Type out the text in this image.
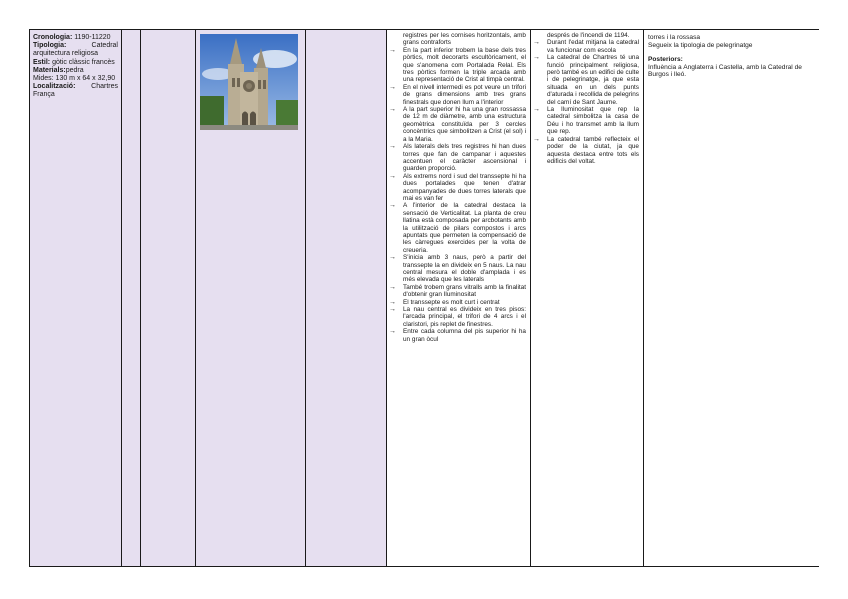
Cronologia: 1190-11220

Tipologia:	Catedral arquitectura religiosa

Estil: gòtic clàssic francès

Materials:pedra

Mides: 130 m x 64 x 32,90

Localització: Chartres França

registres per les cornises horitzontals, amb grans contraforts
→ En la part inferior trobem la base dels tres pòrtics, molt decorarts escultòricament, el que s'anomena com Portalada Relal. Els tres pòrtics formen la triple arcada amb una representació de Crist al timpà central.
→ En el nivell intermedi es pot veure un trifori de grans dimensions amb tres grans finestrals que donen llum a l'interior
→ A la part superior hi ha una gran rossassa de 12 m de diàmetre, amb una estructura geomètrica constituïda per 3 cercles concèntrics que simbolitzen a Crist (el sol) i a la Maria.
→ Als laterals dels tres registres hi han dues torres que fan de campanar i aquestes accentuen el caràcter ascensional i guarden proporció.
→ Als extrems nord i sud del transsepte hi ha dues portalades que tenen d'atrar acompanyades de dues torres laterals que mai es van fer
→ A l'interior de la catedral destaca la sensació de Verticalitat. La planta de creu llatina està composada per arcbotants amb la utilització de pilars compostos i arcs apuntats que permeten la compensació de les càrregues exercides per la volta de creueria.
→ S'inicia amb 3 naus, però a partir del transsepte la en divideix en 5 naus. La nau central mesura el doble d'amplada i es més elevada que les laterals
→ També trobem grans vitralls amb la finalitat d'obtenir gran Iluminositat
→ El transsepte es molt curt i centrat
→ La nau central es divideix en tres pisos: l'arcada principal, el trifori de 4 arcs i el claristori, pis replet de finestres.
→ Entre cada columna del pis superior hi ha un gran òcul
després de l'incendi de 1194.
→ Durant l'edat mitjana la catedral va funcionar com escola
→ La catedral de Chartres té una funció principalment religiosa, però també es un edifici de culte i de pelegrinatge, ja que esta situada en un dels punts d'aturada i recollida de pelegrins del camí de Sant Jaume.
→ La Iluminositat que rep la catedral simbolitza la casa de Déu i ho transmet amb la llum que rep.
→ La catedral també reflecteix el poder de la ciutat, ja que aquesta destaca entre tots els edificis del voltat.

torres i la rossasa

Segueix la tipologia de pelegrinatge

Posteriors:

Influència a Anglaterra i Castella, amb la Catedral de Burgos i lleó.
